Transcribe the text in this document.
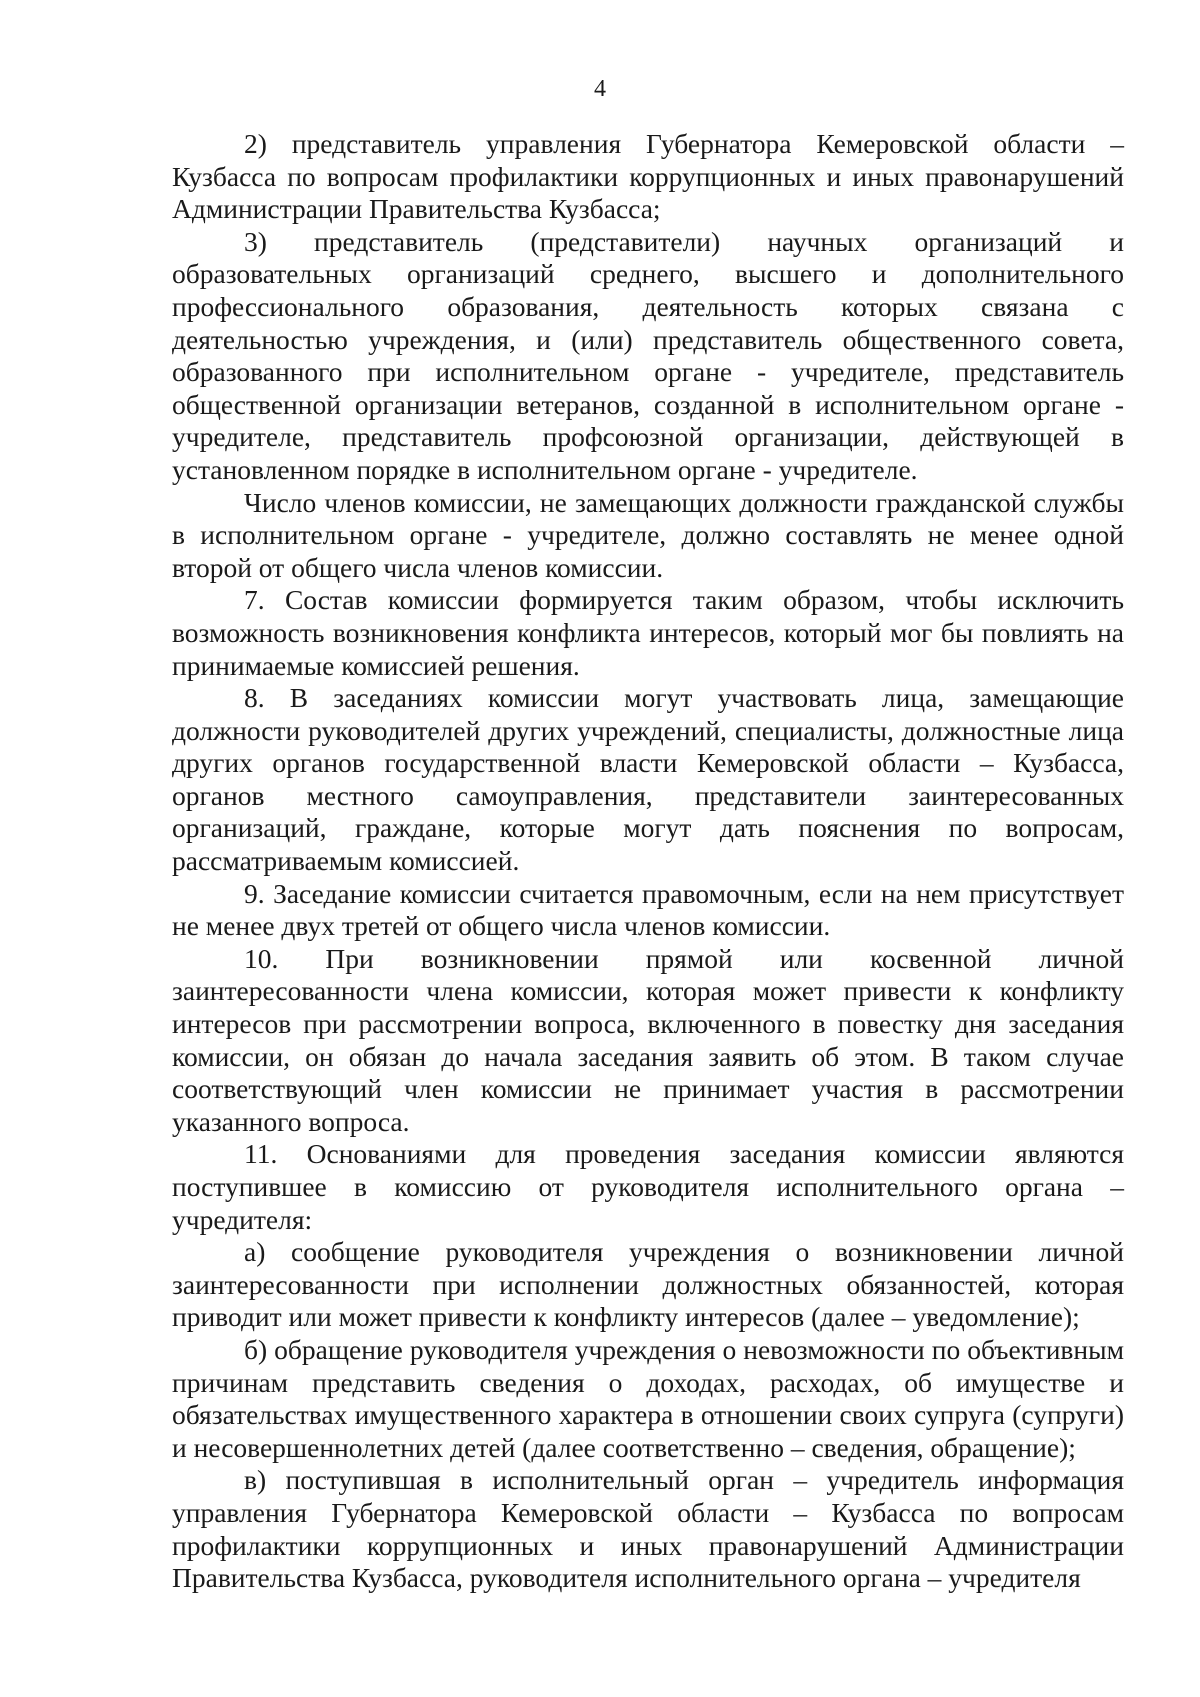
4

2) представитель управления Губернатора Кемеровской области – Кузбасса по вопросам профилактики коррупционных и иных правонарушений Администрации Правительства Кузбасса;

3) представитель (представители) научных организаций и образовательных организаций среднего, высшего и дополнительного профессионального образования, деятельность которых связана с деятельностью учреждения, и (или) представитель общественного совета, образованного при исполнительном органе - учредителе, представитель общественной организации ветеранов, созданной в исполнительном органе - учредителе, представитель профсоюзной организации, действующей в установленном порядке в исполнительном органе - учредителе.

Число членов комиссии, не замещающих должности гражданской службы в исполнительном органе - учредителе, должно составлять не менее одной второй от общего числа членов комиссии.

7. Состав комиссии формируется таким образом, чтобы исключить возможность возникновения конфликта интересов, который мог бы повлиять на принимаемые комиссией решения.

8. В заседаниях комиссии могут участвовать лица, замещающие должности руководителей других учреждений, специалисты, должностные лица других органов государственной власти Кемеровской области – Кузбасса, органов местного самоуправления, представители заинтересованных организаций, граждане, которые могут дать пояснения по вопросам, рассматриваемым комиссией.

9. Заседание комиссии считается правомочным, если на нем присутствует не менее двух третей от общего числа членов комиссии.

10. При возникновении прямой или косвенной личной заинтересованности члена комиссии, которая может привести к конфликту интересов при рассмотрении вопроса, включенного в повестку дня заседания комиссии, он обязан до начала заседания заявить об этом. В таком случае соответствующий член комиссии не принимает участия в рассмотрении указанного вопроса.

11. Основаниями для проведения заседания комиссии являются поступившее в комиссию от руководителя исполнительного органа – учредителя:

а) сообщение руководителя учреждения о возникновении личной заинтересованности при исполнении должностных обязанностей, которая приводит или может привести к конфликту интересов (далее – уведомление);

б) обращение руководителя учреждения о невозможности по объективным причинам представить сведения о доходах, расходах, об имуществе и обязательствах имущественного характера в отношении своих супруга (супруги) и несовершеннолетних детей (далее соответственно – сведения, обращение);

в) поступившая в исполнительный орган – учредитель информация управления Губернатора Кемеровской области – Кузбасса по вопросам профилактики коррупционных и иных правонарушений Администрации Правительства Кузбасса, руководителя исполнительного органа – учредителя
